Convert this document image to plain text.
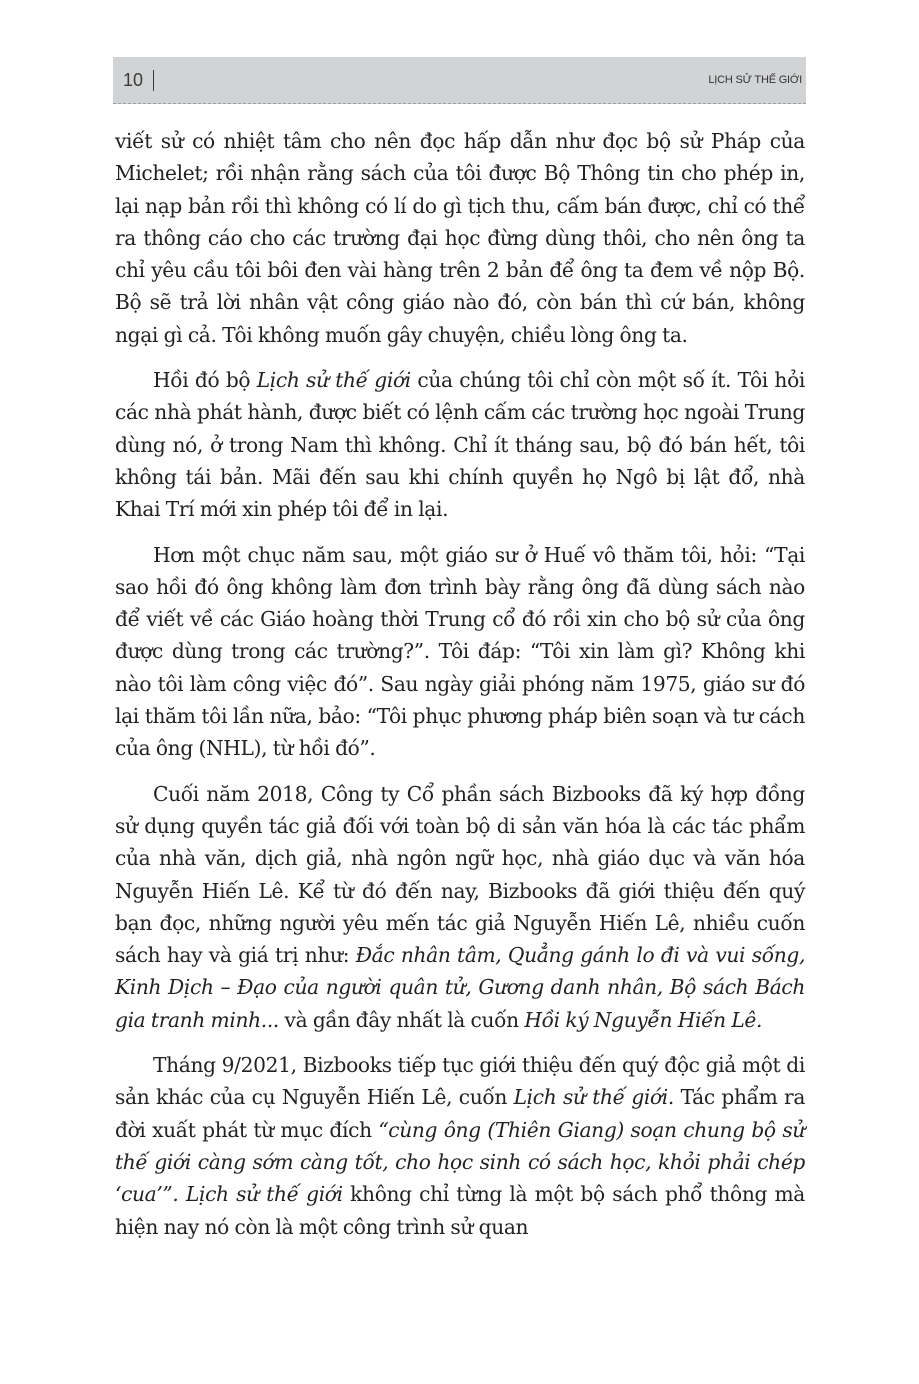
10	LỊCH SỬ THẾ GIỚI

viết sử có nhiệt tâm cho nên đọc hấp dẫn như đọc bộ sử Pháp của Michelet; rồi nhận rằng sách của tôi được Bộ Thông tin cho phép in, lại nạp bản rồi thì không có lí do gì tịch thu, cấm bán được, chỉ có thể ra thông cáo cho các trường đại học đừng dùng thôi, cho nên ông ta chỉ yêu cầu tôi bôi đen vài hàng trên 2 bản để ông ta đem về nộp Bộ. Bộ sẽ trả lời nhân vật công giáo nào đó, còn bán thì cứ bán, không ngại gì cả. Tôi không muốn gây chuyện, chiều lòng ông ta.

Hồi đó bộ Lịch sử thế giới của chúng tôi chỉ còn một số ít. Tôi hỏi các nhà phát hành, được biết có lệnh cấm các trường học ngoài Trung dùng nó, ở trong Nam thì không. Chỉ ít tháng sau, bộ đó bán hết, tôi không tái bản. Mãi đến sau khi chính quyền họ Ngô bị lật đổ, nhà Khai Trí mới xin phép tôi để in lại.

Hơn một chục năm sau, một giáo sư ở Huế vô thăm tôi, hỏi: “Tại sao hồi đó ông không làm đơn trình bày rằng ông đã dùng sách nào để viết về các Giáo hoàng thời Trung cổ đó rồi xin cho bộ sử của ông được dùng trong các trường?”. Tôi đáp: “Tôi xin làm gì? Không khi nào tôi làm công việc đó”. Sau ngày giải phóng năm 1975, giáo sư đó lại thăm tôi lần nữa, bảo: “Tôi phục phương pháp biên soạn và tư cách của ông (NHL), từ hồi đó”.

Cuối năm 2018, Công ty Cổ phần sách Bizbooks đã ký hợp đồng sử dụng quyền tác giả đối với toàn bộ di sản văn hóa là các tác phẩm của nhà văn, dịch giả, nhà ngôn ngữ học, nhà giáo dục và văn hóa Nguyễn Hiến Lê. Kể từ đó đến nay, Bizbooks đã giới thiệu đến quý bạn đọc, những người yêu mến tác giả Nguyễn Hiến Lê, nhiều cuốn sách hay và giá trị như: Đắc nhân tâm, Quẳng gánh lo đi và vui sống, Kinh Dịch – Đạo của người quân tử, Gương danh nhân, Bộ sách Bách gia tranh minh... và gần đây nhất là cuốn Hồi ký Nguyễn Hiến Lê.

Tháng 9/2021, Bizbooks tiếp tục giới thiệu đến quý độc giả một di sản khác của cụ Nguyễn Hiến Lê, cuốn Lịch sử thế giới. Tác phẩm ra đời xuất phát từ mục đích “cùng ông (Thiên Giang) soạn chung bộ sử thế giới càng sớm càng tốt, cho học sinh có sách học, khỏi phải chép ‘cua’”. Lịch sử thế giới không chỉ từng là một bộ sách phổ thông mà hiện nay nó còn là một công trình sử quan
